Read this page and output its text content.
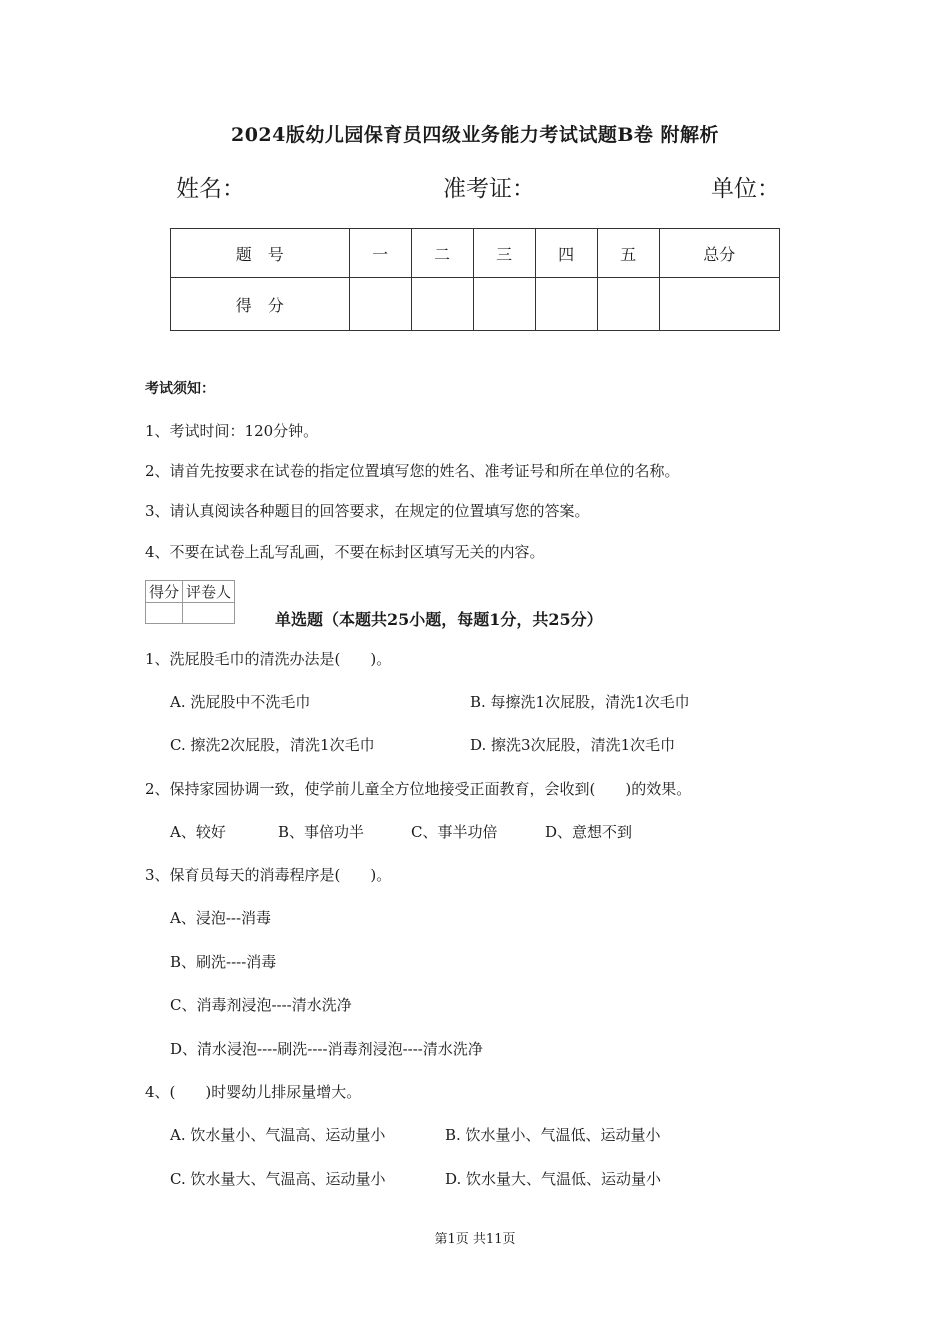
2024版幼儿园保育员四级业务能力考试试题B卷 附解析
姓名：	准考证：	单位：
题　号	一	二	三	四	五	总分
得　分						
考试须知：
1、考试时间：120分钟。
2、请首先按要求在试卷的指定位置填写您的姓名、准考证号和所在单位的名称。
3、请认真阅读各种题目的回答要求，在规定的位置填写您的答案。
4、不要在试卷上乱写乱画，不要在标封区填写无关的内容。
得分	评卷人

单选题（本题共25小题，每题1分，共25分）
1、洗屁股毛巾的清洗办法是(　　)。
A. 洗屁股中不洗毛巾	B. 每擦洗1次屁股，清洗1次毛巾
C. 擦洗2次屁股，清洗1次毛巾	D. 擦洗3次屁股，清洗1次毛巾
2、保持家园协调一致，使学前儿童全方位地接受正面教育，会收到(　　)的效果。
A、较好	B、事倍功半	C、事半功倍	D、意想不到
3、保育员每天的消毒程序是(　　)。
A、浸泡---消毒
B、刷洗----消毒
C、消毒剂浸泡----清水洗净
D、清水浸泡----刷洗----消毒剂浸泡----清水洗净
4、(　　)时婴幼儿排尿量增大。
A. 饮水量小、气温高、运动量小	B. 饮水量小、气温低、运动量小
C. 饮水量大、气温高、运动量小	D. 饮水量大、气温低、运动量小
第1页 共11页
